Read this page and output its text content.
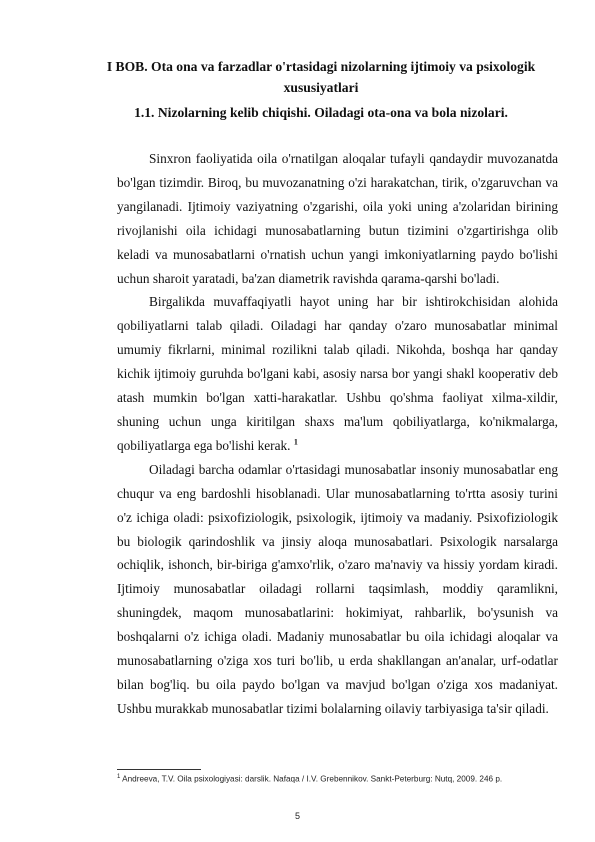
I BOB. Ota ona va farzadlar o'rtasidagi nizolarning ijtimoiy va psixologik xususiyatlari
1.1. Nizolarning kelib chiqishi. Oiladagi ota-ona va bola nizolari.

Sinxron faoliyatida oila o'rnatilgan aloqalar tufayli qandaydir muvozanatda bo'lgan tizimdir. Biroq, bu muvozanatning o'zi harakatchan, tirik, o'zgaruvchan va yangilanadi. Ijtimoiy vaziyatning o'zgarishi, oila yoki uning a'zolaridan birining rivojlanishi oila ichidagi munosabatlarning butun tizimini o'zgartirishga olib keladi va munosabatlarni o'rnatish uchun yangi imkoniyatlarning paydo bo'lishi uchun sharoit yaratadi, ba'zan diametrik ravishda qarama-qarshi bo'ladi.

Birgalikda muvaffaqiyatli hayot uning har bir ishtirokchisidan alohida qobiliyatlarni talab qiladi. Oiladagi har qanday o'zaro munosabatlar minimal umumiy fikrlarni, minimal rozilikni talab qiladi. Nikohda, boshqa har qanday kichik ijtimoiy guruhda bo'lgani kabi, asosiy narsa bor yangi shakl kooperativ deb atash mumkin bo'lgan xatti-harakatlar. Ushbu qo'shma faoliyat xilma-xildir, shuning uchun unga kiritilgan shaxs ma'lum qobiliyatlarga, ko'nikmalarga, qobiliyatlarga ega bo'lishi kerak. $^1$

Oiladagi barcha odamlar o'rtasidagi munosabatlar insoniy munosabatlar eng chuqur va eng bardoshli hisoblanadi. Ular munosabatlarning to'rtta asosiy turini o'z ichiga oladi: psixofiziologik, psixologik, ijtimoiy va madaniy. Psixofiziologik bu biologik qarindoshlik va jinsiy aloqa munosabatlari. Psixologik narsalarga ochiqlik, ishonch, bir-biriga g'amxo'rlik, o'zaro ma'naviy va hissiy yordam kiradi. Ijtimoiy munosabatlar oiladagi rollarni taqsimlash, moddiy qaramlikni, shuningdek, maqom munosabatlarini: hokimiyat, rahbarlik, bo'ysunish va boshqalarni o'z ichiga oladi. Madaniy munosabatlar bu oila ichidagi aloqalar va munosabatlarning o'ziga xos turi bo'lib, u erda shakllangan an'analar, urf-odatlar bilan bog'liq. bu oila paydo bo'lgan va mavjud bo'lgan o'ziga xos madaniyat. Ushbu murakkab munosabatlar tizimi bolalarning oilaviy tarbiyasiga ta'sir qiladi.

$^1$ Andreeva, T.V. Oila psixologiyasi: darslik. Nafaqa / I.V. Grebennikov. Sankt-Peterburg: Nutq, 2009. 246 p.
5
